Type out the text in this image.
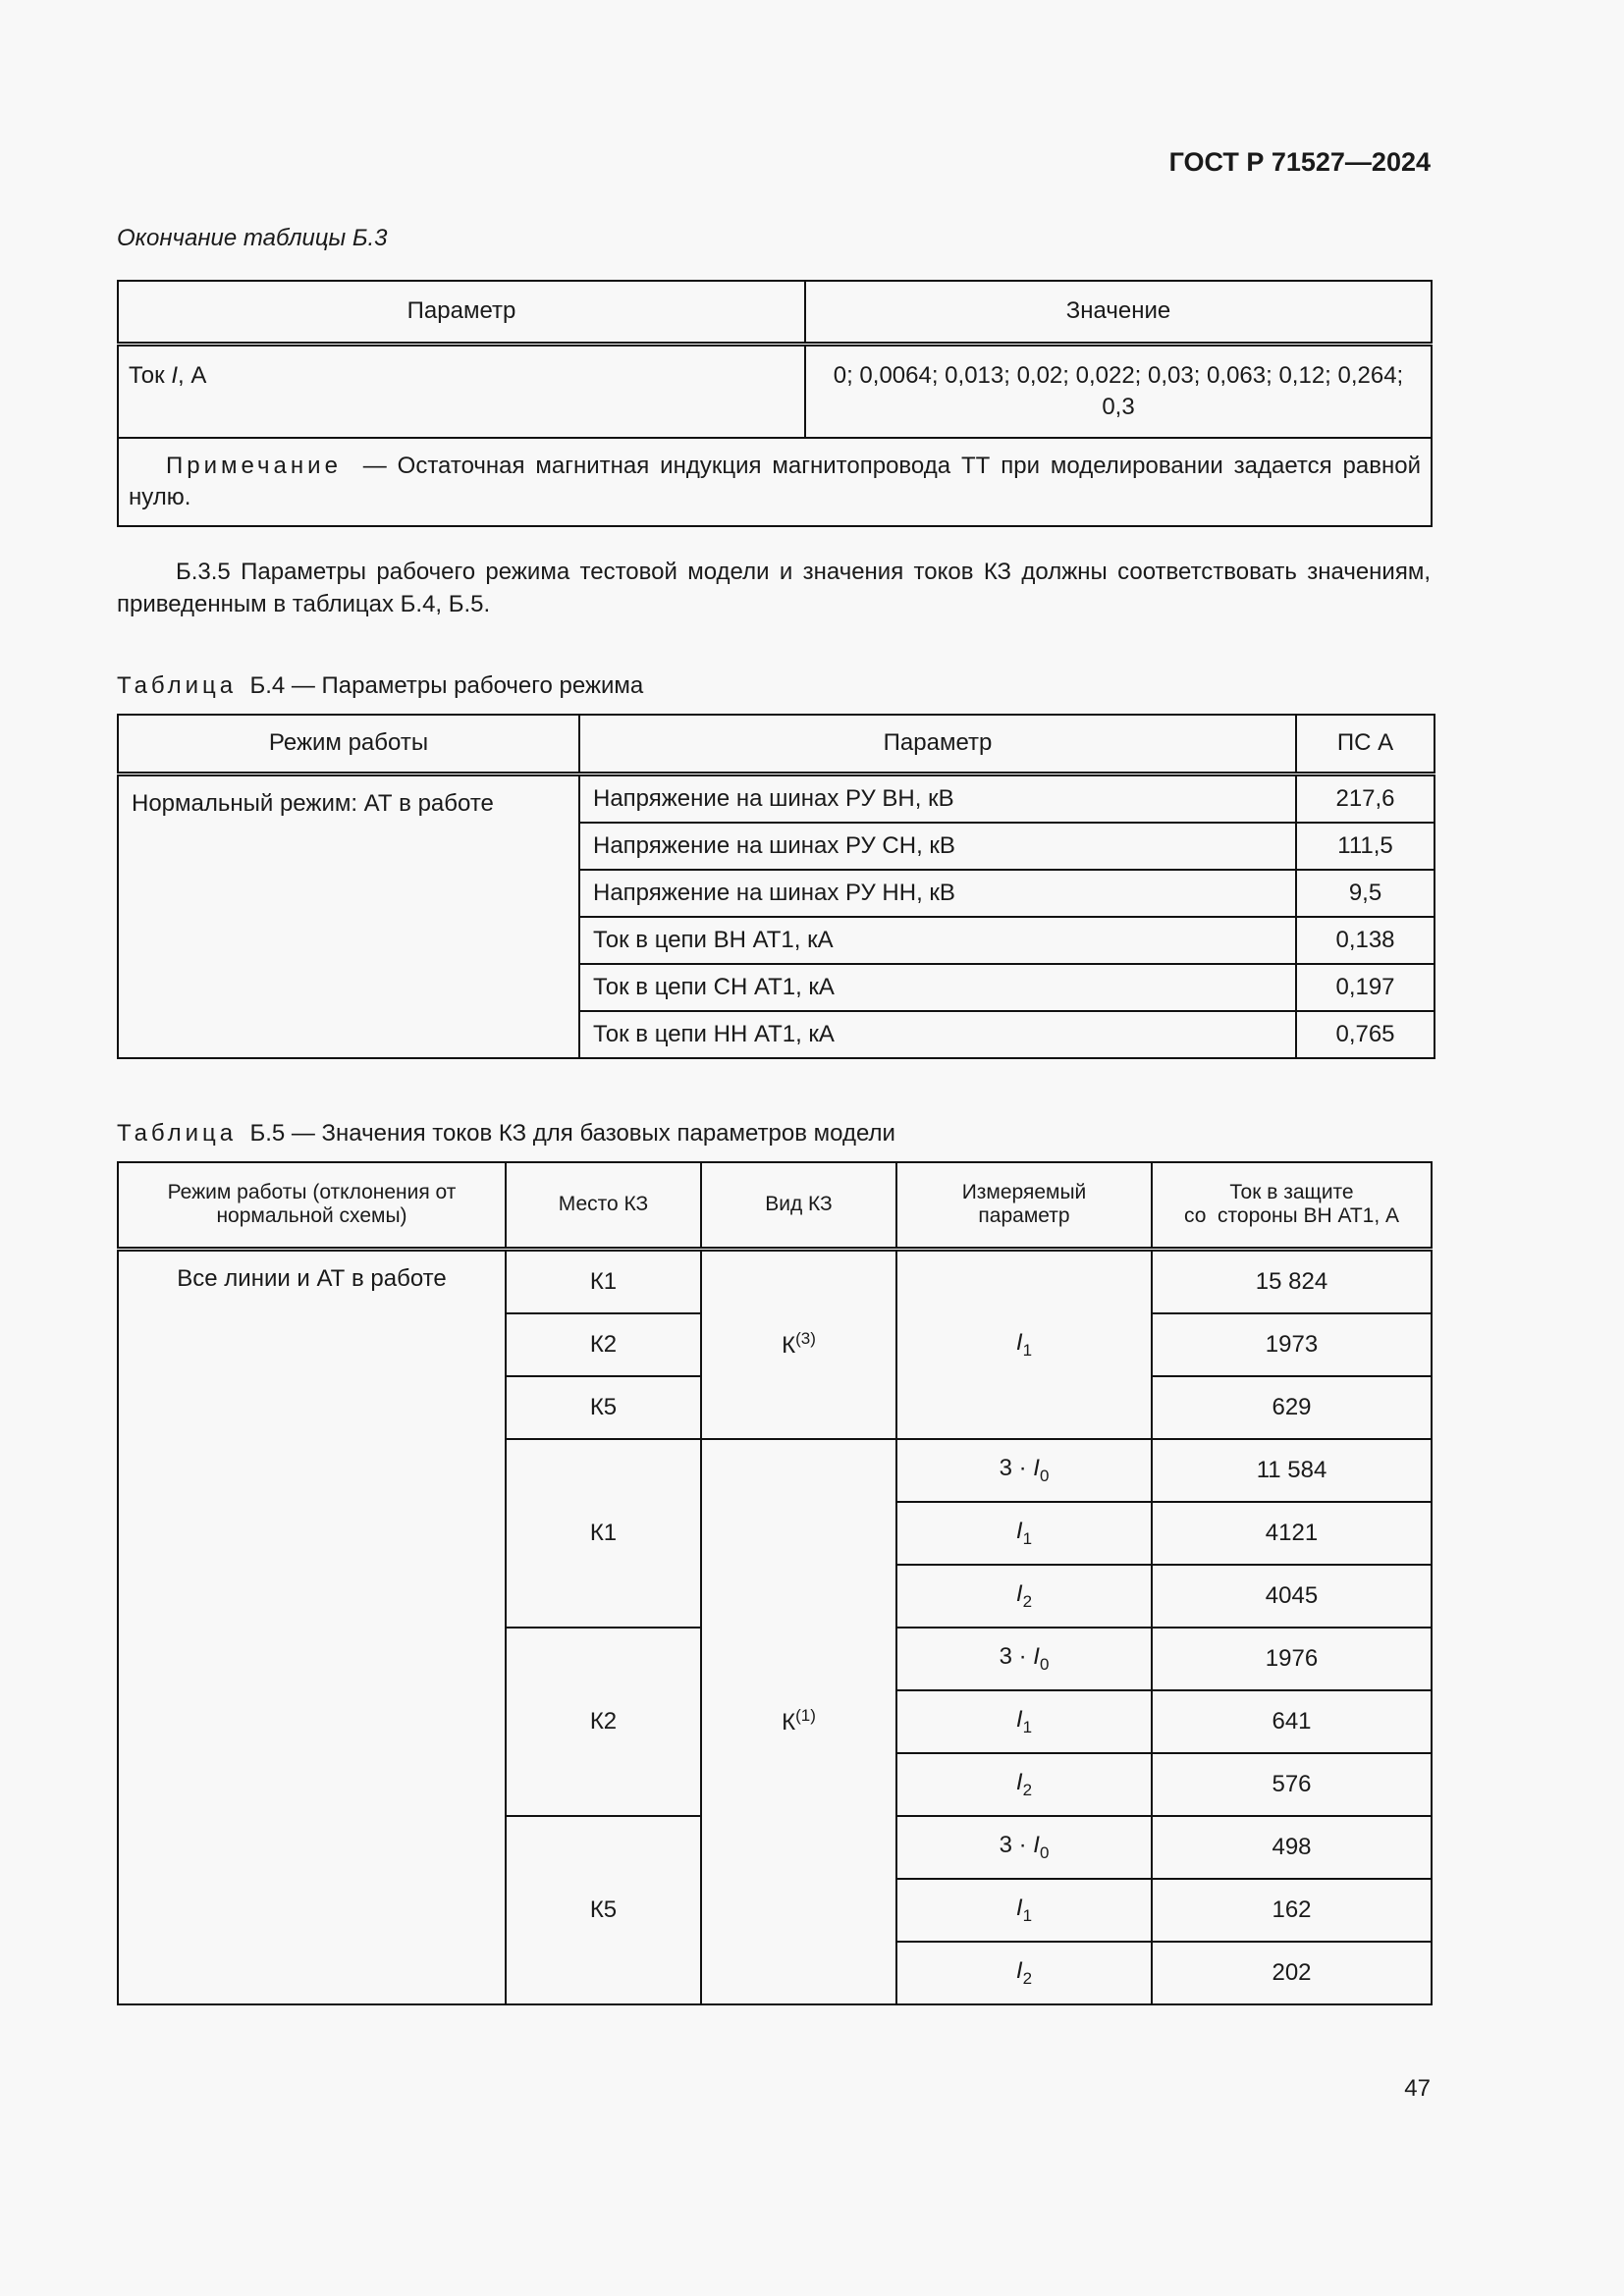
ГОСТ Р 71527—2024
Окончание таблицы Б.3
Параметр	Значение
Ток I, А	0; 0,0064; 0,013; 0,02; 0,022; 0,03; 0,063; 0,12; 0,264; 0,3
Примечание — Остаточная магнитная индукция магнитопровода ТТ при моделировании задается равной нулю.	
Б.3.5 Параметры рабочего режима тестовой модели и значения токов КЗ должны соответствовать значениям, приведенным в таблицах Б.4, Б.5.
Таблица Б.4 — Параметры рабочего режима
Режим работы	Параметр	ПС А
Нормальный режим: АТ в работе	Напряжение на шинах РУ ВН, кВ	217,6
	Напряжение на шинах РУ СН, кВ	111,5
	Напряжение на шинах РУ НН, кВ	9,5
	Ток в цепи ВН АТ1, кА	0,138
	Ток в цепи СН АТ1, кА	0,197
	Ток в цепи НН АТ1, кА	0,765
Таблица Б.5 — Значения токов КЗ для базовых параметров модели
Режим работы (отклонения от нормальной схемы)	Место КЗ	Вид КЗ	Измеряемый параметр	Ток в защите
со  стороны ВН АТ1, А
Все линии и АТ в работе	К1	$К^{(3)}$	$I_1$	15 824
	К2			1973
	К5			629
	К1	$К^{(1)}$	$3 \cdot I_0$	11 584
			$I_1$	4121
			$I_2$	4045
	К2		$3 \cdot I_0$	1976
			$I_1$	641
			$I_2$	576
	К5		$3 \cdot I_0$	498
			$I_1$	162
			$I_2$	202
47
